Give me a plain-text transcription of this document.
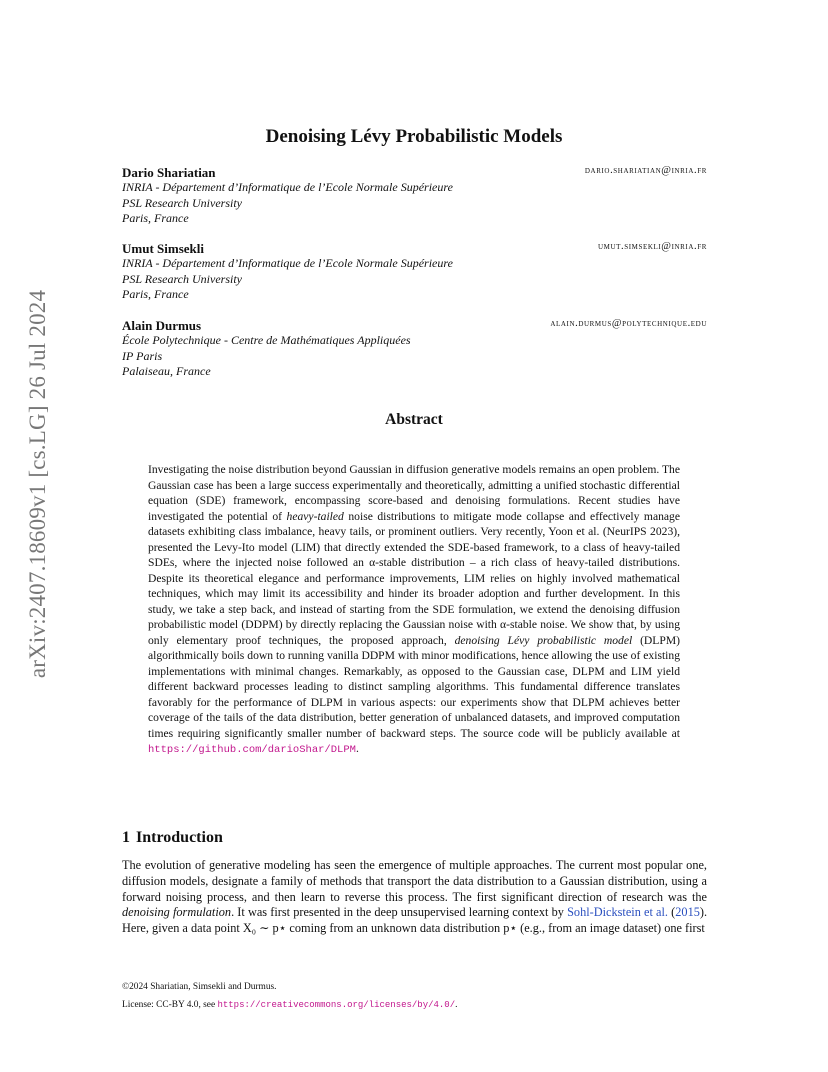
arXiv:2407.18609v1 [cs.LG] 26 Jul 2024
Denoising Lévy Probabilistic Models
Dario Shariatian	dario.shariatian@inria.fr
INRIA - Département d’Informatique de l’Ecole Normale Supérieure
PSL Research University
Paris, France
Umut Simsekli	umut.simsekli@inria.fr
INRIA - Département d’Informatique de l’Ecole Normale Supérieure
PSL Research University
Paris, France
Alain Durmus	alain.durmus@polytechnique.edu
École Polytechnique - Centre de Mathématiques Appliquées
IP Paris
Palaiseau, France
Abstract
Investigating the noise distribution beyond Gaussian in diffusion generative models remains an open problem. The Gaussian case has been a large success experimentally and theoretically, admitting a unified stochastic differential equation (SDE) framework, encompassing score-based and denoising formulations. Recent studies have investigated the potential of heavy-tailed noise distributions to mitigate mode collapse and effectively manage datasets exhibiting class imbalance, heavy tails, or prominent outliers. Very recently, Yoon et al. (NeurIPS 2023), presented the Levy-Ito model (LIM) that directly extended the SDE-based framework, to a class of heavy-tailed SDEs, where the injected noise followed an α-stable distribution – a rich class of heavy-tailed distributions. Despite its theoretical elegance and performance improvements, LIM relies on highly involved mathematical techniques, which may limit its accessibility and hinder its broader adoption and further development. In this study, we take a step back, and instead of starting from the SDE formulation, we extend the denoising diffusion probabilistic model (DDPM) by directly replacing the Gaussian noise with α-stable noise. We show that, by using only elementary proof techniques, the proposed approach, denoising Lévy probabilistic model (DLPM) algorithmically boils down to running vanilla DDPM with minor modifications, hence allowing the use of existing implementations with minimal changes. Remarkably, as opposed to the Gaussian case, DLPM and LIM yield different backward processes leading to distinct sampling algorithms. This fundamental difference translates favorably for the performance of DLPM in various aspects: our experiments show that DLPM achieves better coverage of the tails of the data distribution, better generation of unbalanced datasets, and improved computation times requiring significantly smaller number of backward steps. The source code will be publicly available at https://github.com/darioShar/DLPM.
1 Introduction
The evolution of generative modeling has seen the emergence of multiple approaches. The current most popular one, diffusion models, designate a family of methods that transport the data distribution to a Gaussian distribution, using a forward noising process, and then learn to reverse this process. The first significant direction of research was the denoising formulation. It was first presented in the deep unsupervised learning context by Sohl-Dickstein et al. (2015). Here, given a data point X₀ ∼ p⋆ coming from an unknown data distribution p⋆ (e.g., from an image dataset) one first
©2024 Shariatian, Simsekli and Durmus.
License: CC-BY 4.0, see https://creativecommons.org/licenses/by/4.0/.
